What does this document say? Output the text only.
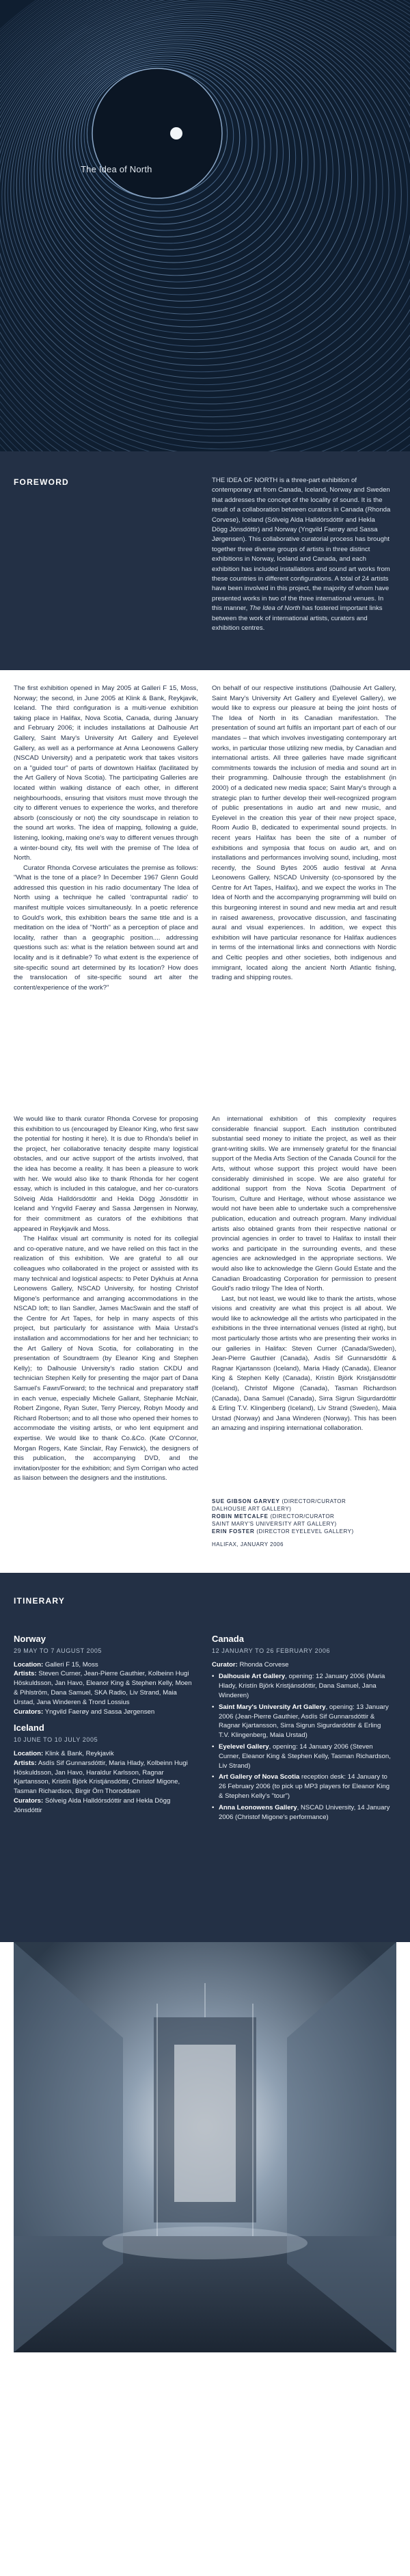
The Idea of North
FOREWORD	THE IDEA OF NORTH is a three-part exhibition of contemporary art from Canada, Iceland, Norway and Sweden that addresses the concept of the locality of sound. It is the result of a collaboration between curators in Canada (Rhonda Corvese), Iceland (Sólveig Alda Halldórsdóttir and Hekla Dögg Jónsdóttir) and Norway (Yngvild Faerøy and Sassa Jørgensen). This collaborative curatorial process has brought together three diverse groups of artists in three distinct exhibitions in Norway, Iceland and Canada, and each exhibition has included installations and sound art works from these countries in different configurations. A total of 24 artists have been involved in this project, the majority of whom have presented works in two of the three international venues. In this manner, The Idea of North has fostered important links between the work of international artists, curators and exhibition centres.

The first exhibition opened in May 2005 at Galleri F 15, Moss, Norway; the second, in June 2005 at Klink & Bank, Reykjavik, Iceland. The third configuration is a multi-venue exhibition taking place in Halifax, Nova Scotia, Canada, during January and February 2006; it includes installations at Dalhousie Art Gallery, Saint Mary's University Art Gallery and Eyelevel Gallery, as well as a performance at Anna Leonowens Gallery (NSCAD University) and a peripatetic work that takes visitors on a "guided tour" of parts of downtown Halifax (facilitated by the Art Gallery of Nova Scotia). The participating Galleries are located within walking distance of each other, in different neighbourhoods, ensuring that visitors must move through the city to different venues to experience the works, and therefore absorb (consciously or not) the city soundscape in relation to the sound art works. The idea of mapping, following a guide, listening, looking, making one's way to different venues through a winter-bound city, fits well with the premise of The Idea of North.

Curator Rhonda Corvese articulates the premise as follows: "What is the tone of a place? In December 1967 Glenn Gould addressed this question in his radio documentary The Idea of North using a technique he called 'contrapuntal radio' to manifest multiple voices simultaneously. In a poetic reference to Gould's work, this exhibition bears the same title and is a meditation on the idea of "North" as a perception of place and locality, rather than a geographic position.... addressing questions such as: what is the relation between sound art and locality and is it definable? To what extent is the experience of site-specific sound art determined by its location? How does the translocation of site-specific sound art alter the content/experience of the work?"

On behalf of our respective institutions (Dalhousie Art Gallery, Saint Mary's University Art Gallery and Eyelevel Gallery), we would like to express our pleasure at being the joint hosts of The Idea of North in its Canadian manifestation. The presentation of sound art fulfils an important part of each of our mandates – that which involves investigating contemporary art works, in particular those utilizing new media, by Canadian and international artists. All three galleries have made significant commitments towards the inclusion of media and sound art in their programming. Dalhousie through the establishment (in 2000) of a dedicated new media space; Saint Mary's through a strategic plan to further develop their well-recognized program of public presentations in audio art and new music, and Eyelevel in the creation this year of their new project space, Room Audio B, dedicated to experimental sound projects. In recent years Halifax has been the site of a number of exhibitions and symposia that focus on audio art, and on installations and performances involving sound, including, most recently, the Sound Bytes 2005 audio festival at Anna Leonowens Gallery, NSCAD University (co-sponsored by the Centre for Art Tapes, Halifax), and we expect the works in The Idea of North and the accompanying programming will build on this burgeoning interest in sound and new media art and result in raised awareness, provocative discussion, and fascinating aural and visual experiences. In addition, we expect this exhibition will have particular resonance for Halifax audiences in terms of the international links and connections with Nordic and Celtic peoples and other societies, both indigenous and immigrant, located along the ancient North Atlantic fishing, trading and shipping routes.

We would like to thank curator Rhonda Corvese for proposing this exhibition to us (encouraged by Eleanor King, who first saw the potential for hosting it here). It is due to Rhonda's belief in the project, her collaborative tenacity despite many logistical obstacles, and our active support of the artists involved, that the idea has become a reality. It has been a pleasure to work with her. We would also like to thank Rhonda for her cogent essay, which is included in this catalogue, and her co-curators Sólveig Alda Halldórsdóttir and Hekla Dögg Jónsdóttir in Iceland and Yngvild Faerøy and Sassa Jørgensen in Norway, for their commitment as curators of the exhibitions that appeared in Reykjavik and Moss.

The Halifax visual art community is noted for its collegial and co-operative nature, and we have relied on this fact in the realization of this exhibition. We are grateful to all our colleagues who collaborated in the project or assisted with its many technical and logistical aspects: to Peter Dykhuis at Anna Leonowens Gallery, NSCAD University, for hosting Christof Migone's performance and arranging accommodations in the NSCAD loft; to Ilan Sandler, James MacSwain and the staff of the Centre for Art Tapes, for help in many aspects of this project, but particularly for assistance with Maia Urstad's installation and accommodations for her and her technician; to the Art Gallery of Nova Scotia, for collaborating in the presentation of Soundtraem (by Eleanor King and Stephen Kelly); to Dalhousie University's radio station CKDU and technician Stephen Kelly for presenting the major part of Dana Samuel's Fawn/Forward; to the technical and preparatory staff in each venue, especially Michele Gallant, Stephanie McNair, Robert Zingone, Ryan Suter, Terry Piercey, Robyn Moody and Richard Robertson; and to all those who opened their homes to accommodate the visiting artists, or who lent equipment and expertise. We would like to thank Co.&Co. (Kate O'Connor, Morgan Rogers, Kate Sinclair, Ray Fenwick), the designers of this publication, the accompanying DVD, and the invitation/poster for the exhibition; and Sym Corrigan who acted as liaison between the designers and the institutions.

An international exhibition of this complexity requires considerable financial support. Each institution contributed substantial seed money to initiate the project, as well as their grant-writing skills. We are immensely grateful for the financial support of the Media Arts Section of the Canada Council for the Arts, without whose support this project would have been considerably diminished in scope. We are also grateful for additional support from the Nova Scotia Department of Tourism, Culture and Heritage, without whose assistance we would not have been able to undertake such a comprehensive publication, education and outreach program. Many individual artists also obtained grants from their respective national or provincial agencies in order to travel to Halifax to install their works and participate in the surrounding events, and these agencies are acknowledged in the appropriate sections. We would also like to acknowledge the Glenn Gould Estate and the Canadian Broadcasting Corporation for permission to present Gould's radio trilogy The Idea of North.

Last, but not least, we would like to thank the artists, whose visions and creativity are what this project is all about. We would like to acknowledge all the artists who participated in the exhibitions in the three international venues (listed at right), but most particularly those artists who are presenting their works in our galleries in Halifax: Steven Curner (Canada/Sweden), Jean-Pierre Gauthier (Canada), Asdís Sif Gunnarsdóttir & Ragnar Kjartansson (Iceland), Maria Hlady (Canada), Eleanor King & Stephen Kelly (Canada), Kristín Björk Kristjánsdóttir (Iceland), Christof Migone (Canada), Tasman Richardson (Canada), Dana Samuel (Canada), Sirra Sigrun Sigurdardóttir & Erling T.V. Klingenberg (Iceland), Liv Strand (Sweden), Maia Urstad (Norway) and Jana Winderen (Norway). This has been an amazing and inspiring international collaboration.

SUE GIBSON GARVEY (DIRECTOR/CURATOR
DALHOUSIE ART GALLERY)
ROBIN METCALFE (DIRECTOR/CURATOR
SAINT MARY'S UNIVERSITY ART GALLERY)
ERIN FOSTER (DIRECTOR EYELEVEL GALLERY)
HALIFAX, JANUARY 2006
ITINERARY
Norway
29 MAY TO 7 AUGUST 2005
Location: Galleri F 15, Moss
Artists: Steven Curner, Jean-Pierre Gauthier, Kolbeinn Hugi Höskuldsson, Jan Havo, Eleanor King & Stephen Kelly, Moen & Pihlström, Dana Samuel, SKA Radio, Liv Strand, Maia Urstad, Jana Winderen & Trond Lossius
Curators: Yngvild Faerøy and Sassa Jørgensen
Iceland
10 JUNE TO 10 JULY 2005
Location: Klink & Bank, Reykjavik
Artists: Asdís Sif Gunnarsdóttir, Maria Hlady, Kolbeinn Hugi Höskuldsson, Jan Havo, Haraldur Karlsson, Ragnar Kjartansson, Kristín Björk Kristjánsdóttir, Christof Migone, Tasman Richardson, Birgir Örn Thoroddsen
Curators: Sólveig Alda Halldórsdóttir and Hekla Dögg Jónsdóttir
Canada
12 JANUARY TO 26 FEBRUARY 2006
Curator: Rhonda Corvese
• Dalhousie Art Gallery, opening: 12 January 2006 (Maria Hlady, Kristín Björk Kristjánsdóttir, Dana Samuel, Jana Winderen)
• Saint Mary's University Art Gallery, opening: 13 January 2006 (Jean-Pierre Gauthier, Asdís Sif Gunnarsdóttir & Ragnar Kjartansson, Sirra Sigrun Sigurdardóttir & Erling T.V. Klingenberg, Maia Urstad)
• Eyelevel Gallery, opening: 14 January 2006 (Steven Curner, Eleanor King & Stephen Kelly, Tasman Richardson, Liv Strand)
• Art Gallery of Nova Scotia reception desk: 14 January to 26 February 2006 (to pick up MP3 players for Eleanor King & Stephen Kelly's "tour")
• Anna Leonowens Gallery, NSCAD University, 14 January 2006 (Christof Migone's performance)
